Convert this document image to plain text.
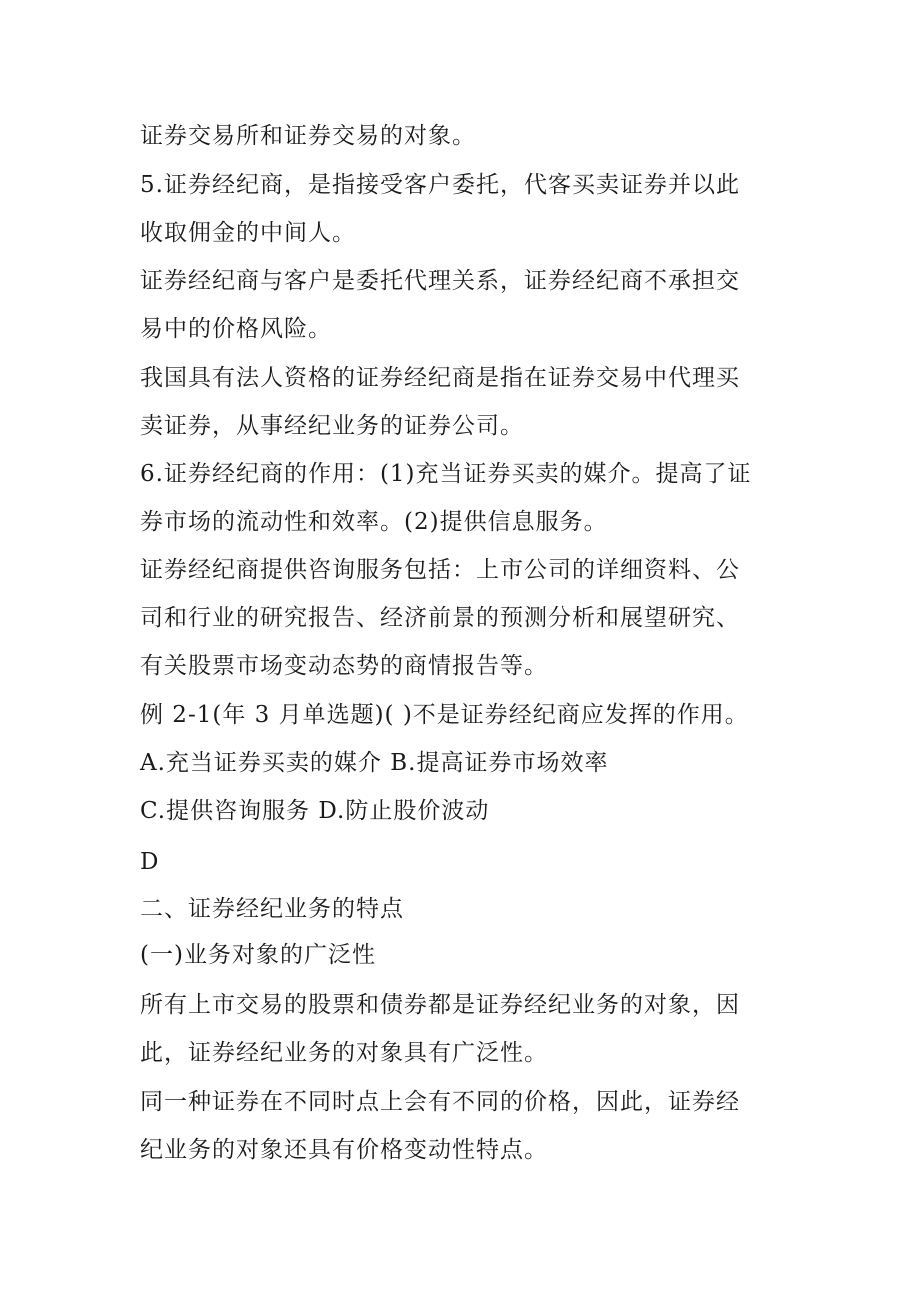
证券交易所和证券交易的对象。
5.证券经纪商，是指接受客户委托，代客买卖证券并以此
收取佣金的中间人。
证券经纪商与客户是委托代理关系，证券经纪商不承担交
易中的价格风险。
我国具有法人资格的证券经纪商是指在证券交易中代理买
卖证券，从事经纪业务的证券公司。
6.证券经纪商的作用：(1)充当证券买卖的媒介。提高了证
券市场的流动性和效率。(2)提供信息服务。
证券经纪商提供咨询服务包括：上市公司的详细资料、公
司和行业的研究报告、经济前景的预测分析和展望研究、
有关股票市场变动态势的商情报告等。
例 2-1(年 3 月单选题)( )不是证券经纪商应发挥的作用。
A.充当证券买卖的媒介 B.提高证券市场效率
C.提供咨询服务 D.防止股价波动
D
二、证券经纪业务的特点
(一)业务对象的广泛性
所有上市交易的股票和债券都是证券经纪业务的对象，因
此，证券经纪业务的对象具有广泛性。
同一种证券在不同时点上会有不同的价格，因此，证券经
纪业务的对象还具有价格变动性特点。
